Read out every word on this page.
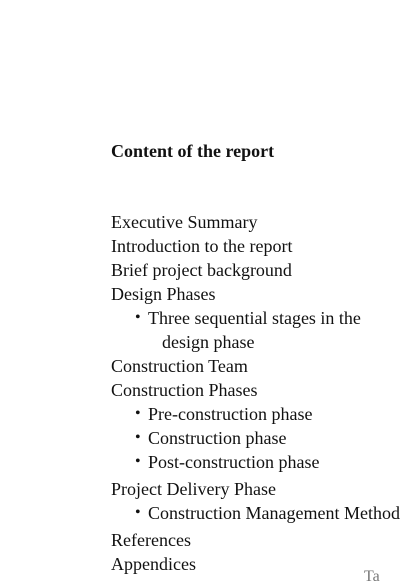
Content of the report
Executive Summary
Introduction to the report
Brief project background
Design Phases
• Three sequential stages in the
design phase
Construction Team
Construction Phases
• Pre-construction phase
• Construction phase
• Post-construction phase
Project Delivery Phase
• Construction Management Method
References
Appendices
Ta
